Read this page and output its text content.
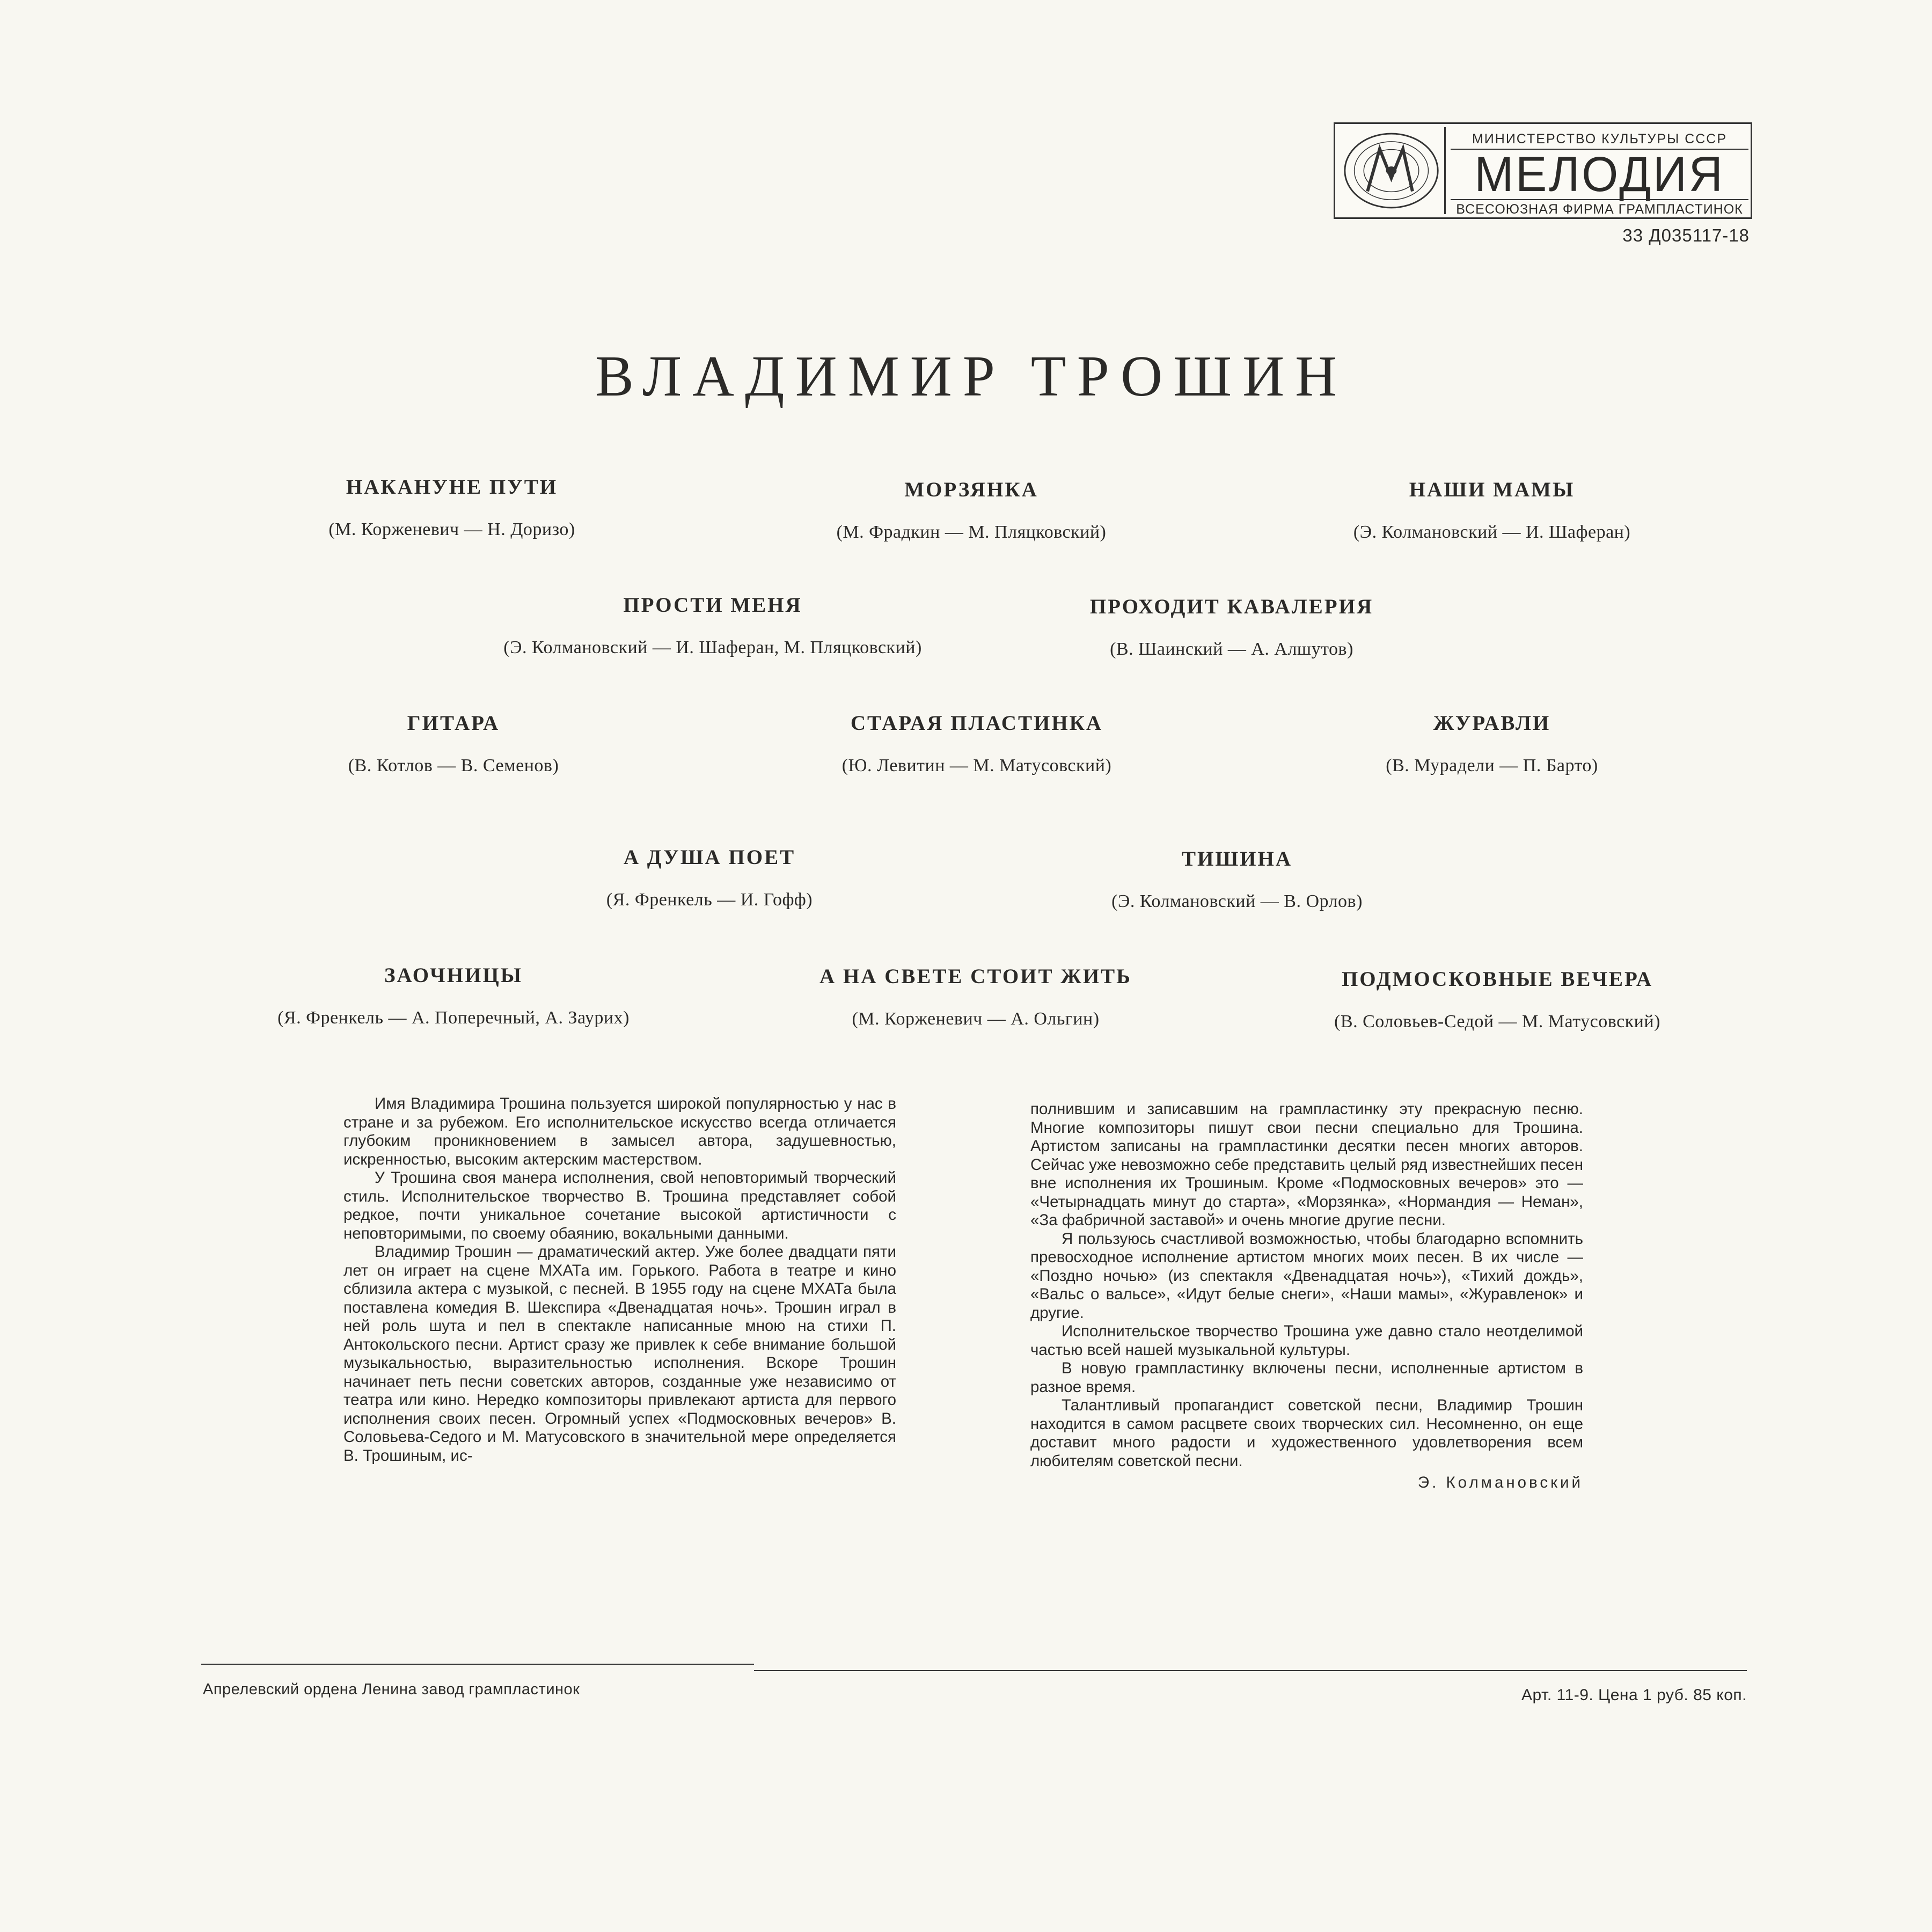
МИНИСТЕРСТВО КУЛЬТУРЫ СССР
МЕЛОДИЯ
ВСЕСОЮЗНАЯ ФИРМА ГРАМПЛАСТИНОК
33 Д035117-18
ВЛАДИМИР ТРОШИН
НАКАНУНЕ ПУТИ
(М. Корженевич — Н. Доризо)
МОРЗЯНКА
(М. Фрадкин — М. Пляцковский)
НАШИ МАМЫ
(Э. Колмановский — И. Шаферан)
ПРОСТИ МЕНЯ
(Э. Колмановский — И. Шаферан, М. Пляцковский)
ПРОХОДИТ КАВАЛЕРИЯ
(В. Шаинский — А. Алшутов)
ГИТАРА
(В. Котлов — В. Семенов)
СТАРАЯ ПЛАСТИНКА
(Ю. Левитин — М. Матусовский)
ЖУРАВЛИ
(В. Мурадели — П. Барто)
А ДУША ПОЕТ
(Я. Френкель — И. Гофф)
ТИШИНА
(Э. Колмановский — В. Орлов)
ЗАОЧНИЦЫ
(Я. Френкель — А. Поперечный, А. Заурих)
А НА СВЕТЕ СТОИТ ЖИТЬ
(М. Корженевич — А. Ольгин)
ПОДМОСКОВНЫЕ ВЕЧЕРА
(В. Соловьев-Седой — М. Матусовский)

Имя Владимира Трошина пользуется широкой популярностью у нас в стране и за рубежом. Его исполнительское искусство всегда отличается глубоким проникновением в замысел автора, задушевностью, искренностью, высоким актерским мастерством.

У Трошина своя манера исполнения, свой неповторимый творческий стиль. Исполнительское творчество В. Трошина представляет собой редкое, почти уникальное сочетание высокой артистичности с неповторимыми, по своему обаянию, вокальными данными.

Владимир Трошин — драматический актер. Уже более двадцати пяти лет он играет на сцене МХАТа им. Горького. Работа в театре и кино сблизила актера с музыкой, с песней. В 1955 году на сцене МХАТа была поставлена комедия В. Шекспира «Двенадцатая ночь». Трошин играл в ней роль шута и пел в спектакле написанные мною на стихи П. Антокольского песни. Артист сразу же привлек к себе внимание большой музыкальностью, выразительностью исполнения. Вскоре Трошин начинает петь песни советских авторов, созданные уже независимо от театра или кино. Нередко композиторы привлекают артиста для первого исполнения своих песен. Огромный успех «Подмосковных вечеров» В. Соловьева-Седого и М. Матусовского в значительной мере определяется В. Трошиным, ис-

полнившим и записавшим на грампластинку эту прекрасную песню. Многие композиторы пишут свои песни специально для Трошина. Артистом записаны на грампластинки десятки песен многих авторов. Сейчас уже невозможно себе представить целый ряд известнейших песен вне исполнения их Трошиным. Кроме «Подмосковных вечеров» это — «Четырнадцать минут до старта», «Морзянка», «Нормандия — Неман», «За фабричной заставой» и очень многие другие песни.

Я пользуюсь счастливой возможностью, чтобы благодарно вспомнить превосходное исполнение артистом многих моих песен. В их числе — «Поздно ночью» (из спектакля «Двенадцатая ночь»), «Тихий дождь», «Вальс о вальсе», «Идут белые снеги», «Наши мамы», «Журавленок» и другие.

Исполнительское творчество Трошина уже давно стало неотделимой частью всей нашей музыкальной культуры.

В новую грампластинку включены песни, исполненные артистом в разное время.

Талантливый пропагандист советской песни, Владимир Трошин находится в самом расцвете своих творческих сил. Несомненно, он еще доставит много радости и художественного удовлетворения всем любителям советской песни.

Э. Колмановский

Апрелевский ордена Ленина завод грампластинок	Арт. 11-9. Цена 1 руб. 85 коп.
